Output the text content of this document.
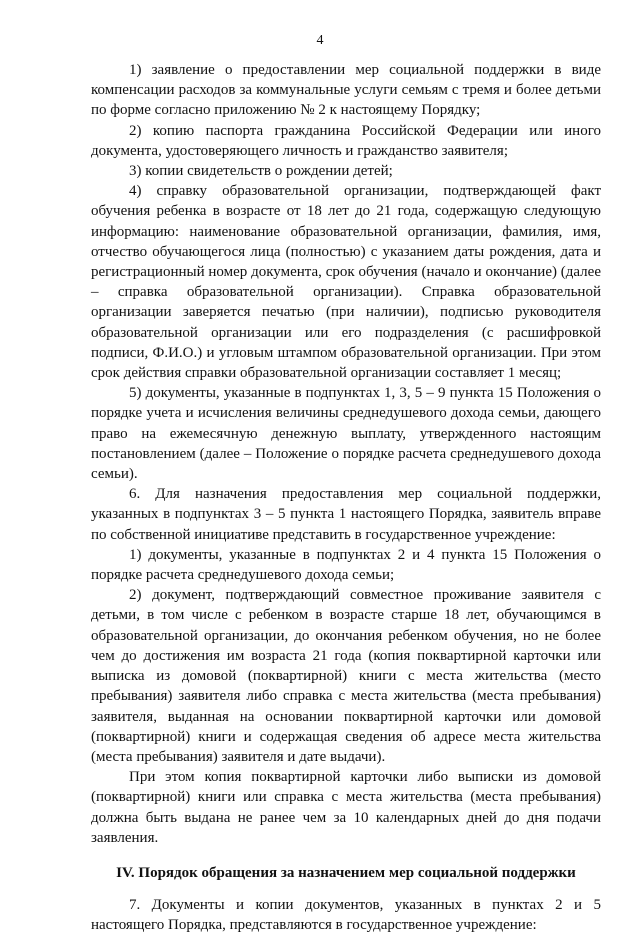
4

1) заявление о предоставлении мер социальной поддержки в виде компенсации расходов за коммунальные услуги семьям с тремя и более детьми по форме согласно приложению № 2 к настоящему Порядку;

2) копию паспорта гражданина Российской Федерации или иного документа, удостоверяющего личность и гражданство заявителя;

3) копии свидетельств о рождении детей;

4) справку образовательной организации, подтверждающей факт обучения ребенка в возрасте от 18 лет до 21 года, содержащую следующую информацию: наименование образовательной организации, фамилия, имя, отчество обучающегося лица (полностью) с указанием даты рождения, дата и регистрационный номер документа, срок обучения (начало и окончание) (далее – справка образовательной организации). Справка образовательной организации заверяется печатью (при наличии), подписью руководителя образовательной организации или его подразделения (с расшифровкой подписи, Ф.И.О.) и угловым штампом образовательной организации. При этом срок действия справки образовательной организации составляет 1 месяц;

5) документы, указанные в подпунктах 1, 3, 5 – 9 пункта 15 Положения о порядке учета и исчисления величины среднедушевого дохода семьи, дающего право на ежемесячную денежную выплату, утвержденного настоящим постановлением (далее – Положение о порядке расчета среднедушевого дохода семьи).

6. Для назначения предоставления мер социальной поддержки, указанных в подпунктах 3 – 5 пункта 1 настоящего Порядка, заявитель вправе по собственной инициативе представить в государственное учреждение:

1) документы, указанные в подпунктах 2 и 4 пункта 15 Положения о порядке расчета среднедушевого дохода семьи;

2) документ, подтверждающий совместное проживание заявителя с детьми, в том числе с ребенком в возрасте старше 18 лет, обучающимся в образовательной организации, до окончания ребенком обучения, но не более чем до достижения им возраста 21 года (копия поквартирной карточки или выписка из домовой (поквартирной) книги с места жительства (место пребывания) заявителя либо справка с места жительства (места пребывания) заявителя, выданная на основании поквартирной карточки или домовой (поквартирной) книги и содержащая сведения об адресе места жительства (места пребывания) заявителя и дате выдачи).

При этом копия поквартирной карточки либо выписки из домовой (поквартирной) книги или справка с места жительства (места пребывания) должна быть выдана не ранее чем за 10 календарных дней до дня подачи заявления.

IV. Порядок обращения за назначением мер социальной поддержки

7. Документы и копии документов, указанных в пунктах 2 и 5 настоящего Порядка, представляются в государственное учреждение:
